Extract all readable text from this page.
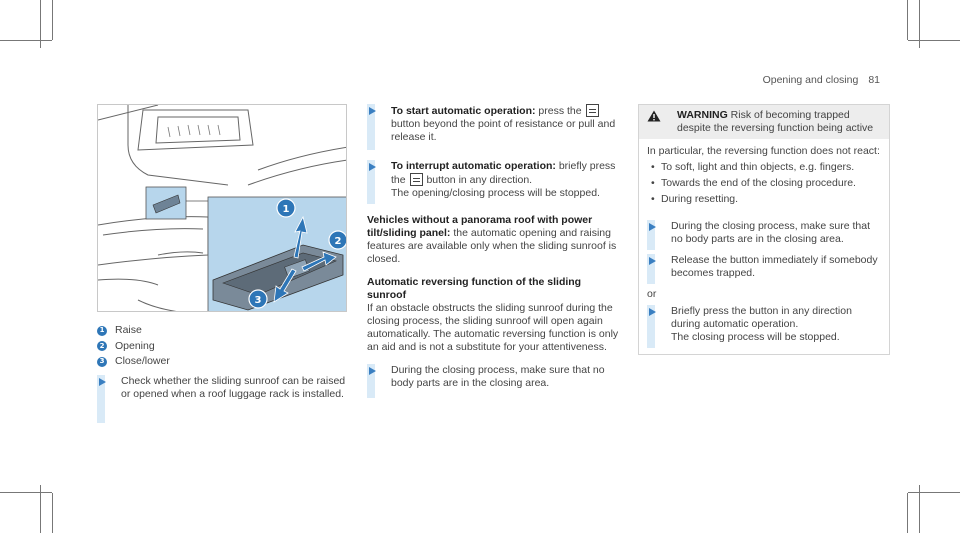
Opening and closing 81
1
2
3
1 Raise
2 Opening
3 Close/lower

Check whether the sliding sunroof can be raised or opened when a roof luggage rack is installed.

To start automatic operation: press the  button beyond the point of resistance or pull and release it.

To interrupt automatic operation: briefly press the button in any direction.

The opening/closing process will be stopped.

Vehicles without a panorama roof with power tilt/sliding panel: the automatic opening and raising features are available only when the sliding sunroof is closed.

Automatic reversing function of the sliding sunroof

If an obstacle obstructs the sliding sunroof during the closing process, the sliding sunroof will open again automatically. The automatic reversing function is only an aid and is not a substitute for your attentiveness.

During the closing process, make sure that no body parts are in the closing area.

WARNING Risk of becoming trapped despite the reversing function being active

In particular, the reversing function does not react:

• To soft, light and thin objects, e.g. fingers.
• Towards the end of the closing procedure.
• During resetting.

During the closing process, make sure that no body parts are in the closing area.

Release the button immediately if somebody becomes trapped.

or

Briefly press the button in any direction during automatic operation.

The closing process will be stopped.
